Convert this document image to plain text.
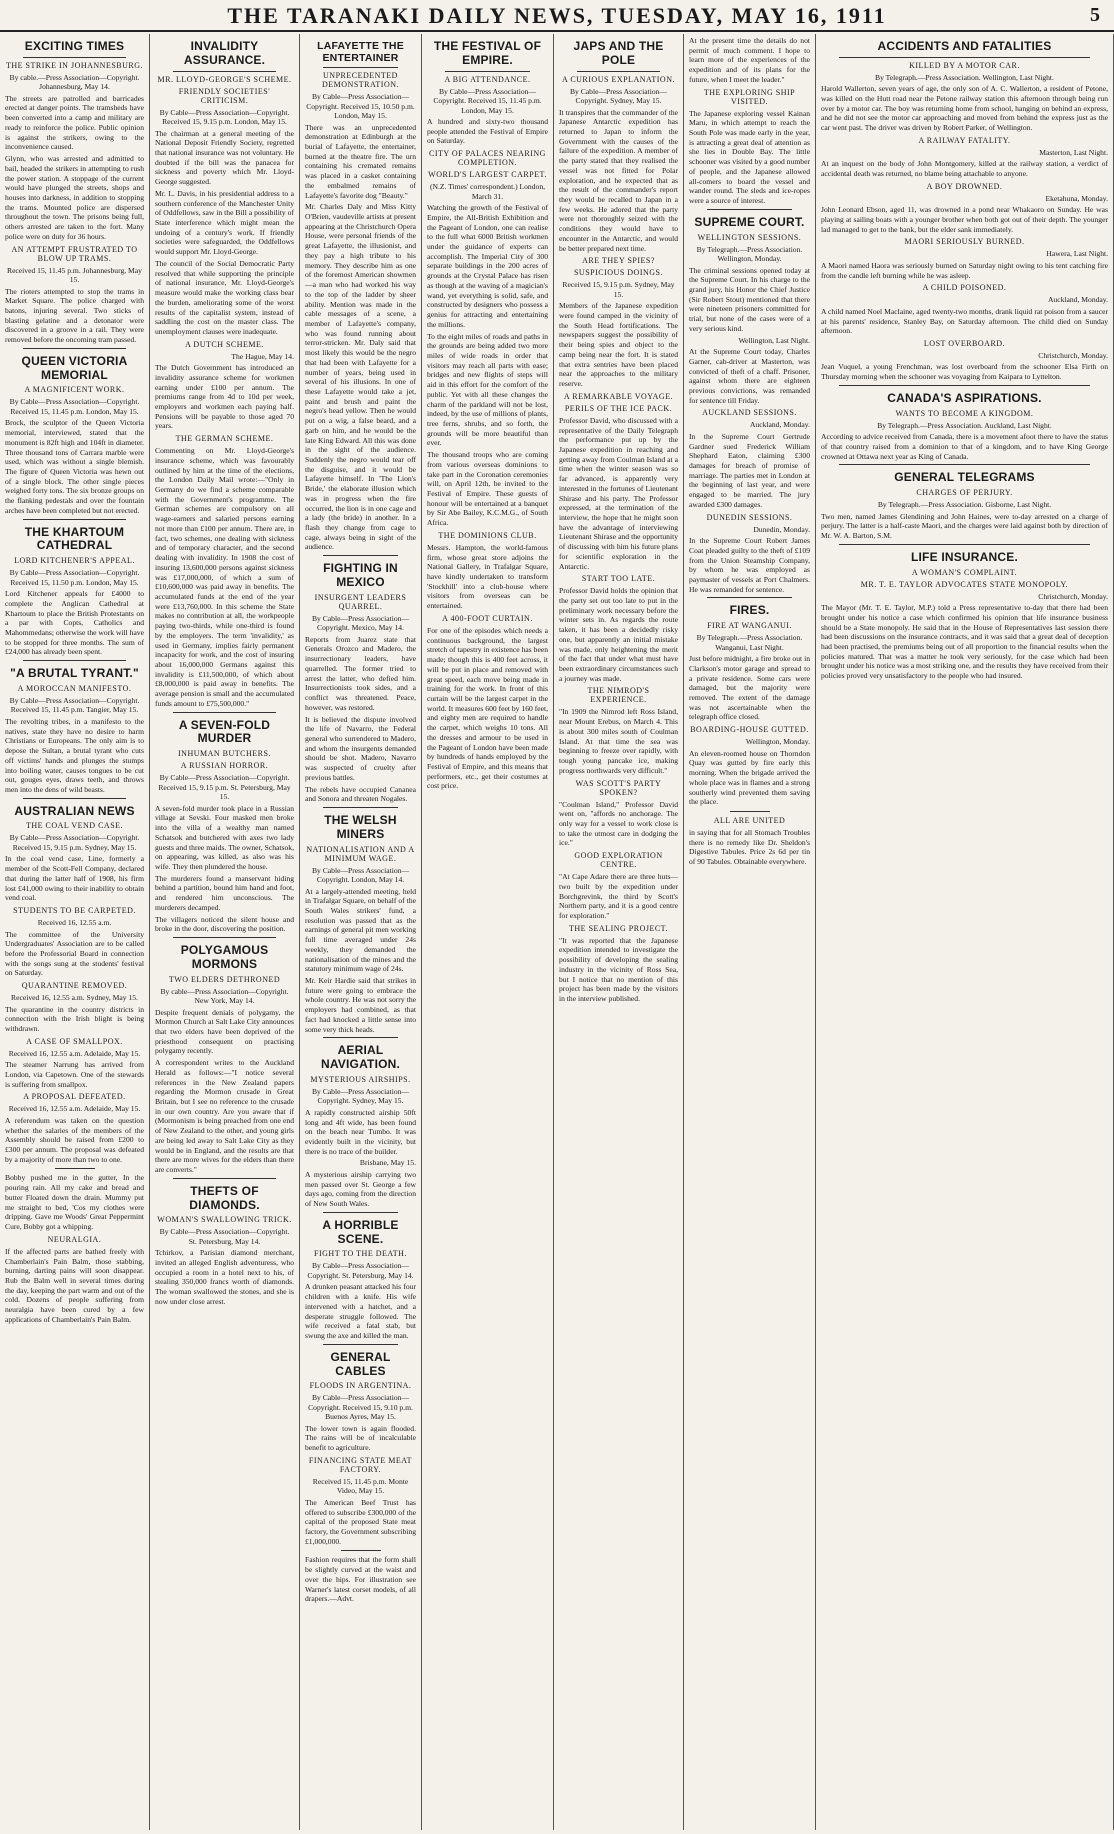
THE TARANAKI DAILY NEWS, TUESDAY, MAY 16, 1911	5
EXCITING TIMES
THE STRIKE IN JOHANNESBURG.
By cable.—Press Association—Copyright. Johannesburg, May 14.
The streets are patrolled and barricades erected at danger points. The tramsheds have been converted into a camp and military are ready to reinforce the police. Public opinion is against the strikers, owing to the inconvenience caused.
Glynn, who was arrested and admitted to bail, headed the strikers in attempting to rush the power station. A stoppage of the current would have plunged the streets, shops and houses into darkness, in addition to stopping the trams. Mounted police are dispersed throughout the town. The prisons being full, others arrested are taken to the fort. Many police were on duty for 36 hours.
AN ATTEMPT FRUSTRATED TO BLOW UP TRAMS.
Received 15, 11.45 p.m. Johannesburg, May 15.
The rioters attempted to stop the trams in Market Square. The police charged with batons, injuring several. Two sticks of blasting gelatine and a detonator were discovered in a groove in a rail. They were removed before the oncoming tram passed.
QUEEN VICTORIA MEMORIAL
A MAGNIFICENT WORK.
By Cable—Press Association—Copyright. Received 15, 11.45 p.m. London, May 15.
Brock, the sculptor of the Queen Victoria memorial, interviewed, stated that the monument is 82ft high and 104ft in diameter. Three thousand tons of Carrara marble were used, which was without a single blemish. The figure of Queen Victoria was hewn out of a single block. The other single pieces weighed forty tons. The six bronze groups on the flanking pedestals and over the fountain arches have been completed but not erected.
THE KHARTOUM CATHEDRAL
LORD KITCHENER'S APPEAL.
By Cable—Press Association—Copyright. Received 15, 11.50 p.m. London, May 15.
Lord Kitchener appeals for £4000 to complete the Anglican Cathedral at Khartoum to place the British Protestants on a par with Copts, Catholics and Mahommedans; otherwise the work will have to be stopped for three months. The sum of £24,000 has already been spent.
"A BRUTAL TYRANT."
A MOROCCAN MANIFESTO.
By Cable—Press Association—Copyright. Received 15, 11.45 p.m. Tangier, May 15.
The revolting tribes, in a manifesto to the natives, state they have no desire to harm Christians or Europeans. The only aim is to depose the Sultan, a brutal tyrant who cuts off victims' hands and plunges the stumps into boiling water, causes tongues to be cut out, gouges eyes, draws teeth, and throws men into the dens of wild beasts.
AUSTRALIAN NEWS
THE COAL VEND CASE.
By Cable—Press Association—Copyright. Received 15, 9.15 p.m. Sydney, May 15.
In the coal vend case, Line, formerly a member of the Scott-Fell Company, declared that during the latter half of 1908, his firm lost £41,000 owing to their inability to obtain vend coal.
STUDENTS TO BE CARPETED.
Received 16, 12.55 a.m.
The committee of the University Undergraduates' Association are to be called before the Professorial Board in connection with the songs sung at the students' festival on Saturday.
QUARANTINE REMOVED.
Received 16, 12.55 a.m. Sydney, May 15.
The quarantine in the country districts in connection with the Irish blight is being withdrawn.
A CASE OF SMALLPOX.
Received 16, 12.55 a.m. Adelaide, May 15.
The steamer Narrung has arrived from London, via Capetown. One of the stewards is suffering from smallpox.
A PROPOSAL DEFEATED.
Received 16, 12.55 a.m. Adelaide, May 15.
A referendum was taken on the question whether the salaries of the members of the Assembly should be raised from £200 to £300 per annum. The proposal was defeated by a majority of more than two to one.
Bobby pushed me in the gutter, In the pouring rain. All my cake and bread and butter Floated down the drain. Mummy put me straight to bed, 'Cos my clothes were dripping. Gave me Woods' Great Peppermint Cure, Bobby got a whipping.
NEURALGIA.
If the affected parts are bathed freely with Chamberlain's Pain Balm, those stabbing, burning, darting pains will soon disappear. Rub the Balm well in several times during the day, keeping the part warm and out of the cold. Dozens of people suffering from neuralgia have been cured by a few applications of Chamberlain's Pain Balm.
INVALIDITY ASSURANCE.
MR. LLOYD-GEORGE'S SCHEME.
FRIENDLY SOCIETIES' CRITICISM.
By Cable—Press Association—Copyright. Received 15, 9.15 p.m. London, May 15.
The chairman at a general meeting of the National Deposit Friendly Society, regretted that national insurance was not voluntary. He doubted if the bill was the panacea for sickness and poverty which Mr. Lloyd-George suggested.
Mr. L. Davis, in his presidential address to a southern conference of the Manchester Unity of Oddfellows, saw in the Bill a possibility of State interference which might mean the undoing of a century's work. If friendly societies were safeguarded, the Oddfellows would support Mr. Lloyd-George.
The council of the Social Democratic Party resolved that while supporting the principle of national insurance, Mr. Lloyd-George's measure would make the working class bear the burden, ameliorating some of the worst results of the capitalist system, instead of saddling the cost on the master class. The unemployment clauses were inadequate.
A DUTCH SCHEME.
The Hague, May 14.
The Dutch Government has introduced an invalidity assurance scheme for workmen earning under £100 per annum. The premiums range from 4d to 10d per week, employers and workmen each paying half. Pensions will be payable to those aged 70 years.
THE GERMAN SCHEME.
Commenting on Mr. Lloyd-George's insurance scheme, which was favourably outlined by him at the time of the elections, the London Daily Mail wrote:—"Only in Germany do we find a scheme comparable with the Government's programme. The German schemes are compulsory on all wage-earners and salaried persons earning not more than £100 per annum. There are, in fact, two schemes, one dealing with sickness and of temporary character, and the second dealing with invalidity. In 1908 the cost of insuring 13,600,000 persons against sickness was £17,000,000, of which a sum of £10,600,000 was paid away in benefits. The accumulated funds at the end of the year were £13,760,000. In this scheme the State makes no contribution at all, the workpeople paying two-thirds, while one-third is found by the employers. The term 'invalidity,' as used in Germany, implies fairly permanent incapacity for work, and the cost of insuring about 16,000,000 Germans against this invalidity is £11,500,000, of which about £8,000,000 is paid away in benefits. The average pension is small and the accumulated funds amount to £75,500,000."
A SEVEN-FOLD MURDER
INHUMAN BUTCHERS.
A RUSSIAN HORROR.
By Cable—Press Association—Copyright. Received 15, 9.15 p.m. St. Petersburg, May 15.
A seven-fold murder took place in a Russian village at Sevski. Four masked men broke into the villa of a wealthy man named Schatsok and butchered with axes two lady guests and three maids. The owner, Schatsok, on appearing, was killed, as also was his wife. They then plundered the house.
The murderers found a manservant hiding behind a partition, bound him hand and foot, and rendered him unconscious. The murderers decamped.
The villagers noticed the silent house and broke in the door, discovering the position.
POLYGAMOUS MORMONS
TWO ELDERS DETHRONED
By cable—Press Association—Copyright. New York, May 14.
Despite frequent denials of polygamy, the Mormon Church at Salt Lake City announces that two elders have been deprived of the priesthood consequent on practising polygamy recently.
A correspondent writes to the Auckland Herald as follows:—"I notice several references in the New Zealand papers regarding the Mormon crusade in Great Britain, but I see no reference to the crusade in our own country. Are you aware that if (Mormonism is being preached from one end of New Zealand to the other, and young girls are being led away to Salt Lake City as they would be in England, and the results are that there are more wives for the elders than there are converts."
THEFTS OF DIAMONDS.
WOMAN'S SWALLOWING TRICK.
By Cable—Press Association—Copyright. St. Petersburg, May 14.
Tchirkov, a Parisian diamond merchant, invited an alleged English adventuress, who occupied a room in a hotel next to his, of stealing 350,000 francs worth of diamonds. The woman swallowed the stones, and she is now under close arrest.
LAFAYETTE THE ENTERTAINER
UNPRECEDENTED DEMONSTRATION.
By Cable—Press Association—Copyright. Received 15, 10.50 p.m. London, May 15.
There was an unprecedented demonstration at Edinburgh at the burial of Lafayette, the entertainer, burned at the theatre fire. The urn containing his cremated remains was placed in a casket containing the embalmed remains of Lafayette's favorite dog "Beauty."
Mr. Charles Daly and Miss Kitty O'Brien, vaudeville artists at present appearing at the Christchurch Opera House, were personal friends of the great Lafayette, the illusionist, and they pay a high tribute to his memory. They describe him as one of the foremost American showmen—a man who had worked his way to the top of the ladder by sheer ability. Mention was made in the cable messages of a scene, a member of Lafayette's company, who was found running about terror-stricken. Mr. Daly said that most likely this would be the negro that had been with Lafayette for a number of years, being used in several of his illusions. In one of these Lafayette would take a jet, paint and brush and paint the negro's head yellow. Then he would put on a wig, a false beard, and a garb on him, and he would be the late King Edward. All this was done in the sight of the audience. Suddenly the negro would tear off the disguise, and it would be Lafayette himself. In 'The Lion's Bride,' the elaborate illusion which was in progress when the fire occurred, the lion is in one cage and a lady (the bride) in another. In a flash they change from cage to cage, always being in sight of the audience.
FIGHTING IN MEXICO
INSURGENT LEADERS QUARREL.
By Cable—Press Association—Copyright. Mexico, May 14.
Reports from Juarez state that Generals Orozco and Madero, the insurrectionary leaders, have quarrelled. The former tried to arrest the latter, who defied him. Insurrectionists took sides, and a conflict was threatened. Peace, however, was restored.
It is believed the dispute involved the life of Navarro, the Federal general who surrendered to Madero, and whom the insurgents demanded should be shot. Madero, Navarro was suspected of cruelty after previous battles.
The rebels have occupied Cananea and Sonora and threaten Nogales.
THE WELSH MINERS
NATIONALISATION AND A MINIMUM WAGE.
By Cable—Press Association—Copyright. London, May 14.
At a largely-attended meeting, held in Trafalgar Square, on behalf of the South Wales strikers' fund, a resolution was passed that as the earnings of general pit men working full time averaged under 24s weekly, they demanded the nationalisation of the mines and the statutory minimum wage of 24s.
Mr. Keir Hardie said that strikes in future were going to embrace the whole country. He was not sorry the employers had combined, as that fact had knocked a little sense into some very thick heads.
AERIAL NAVIGATION.
MYSTERIOUS AIRSHIPS.
By Cable—Press Association—Copyright. Sydney, May 15.
A rapidly constructed airship 50ft long and 4ft wide, has been found on the beach near Tumbo. It was evidently built in the vicinity, but there is no trace of the builder.
Brisbane, May 15.
A mysterious airship carrying two men passed over St. George a few days ago, coming from the direction of New South Wales.
A HORRIBLE SCENE.
FIGHT TO THE DEATH.
By Cable—Press Association—Copyright. St. Petersburg, May 14.
A drunken peasant attacked his four children with a knife. His wife intervened with a hatchet, and a desperate struggle followed. The wife received a fatal stab, but swung the axe and killed the man.
GENERAL CABLES
FLOODS IN ARGENTINA.
By Cable—Press Association—Copyright. Received 15, 9.10 p.m. Buenos Ayres, May 15.
The lower town is again flooded. The rains will be of incalculable benefit to agriculture.
FINANCING STATE MEAT FACTORY.
Received 15, 11.45 p.m. Monte Video, May 15.
The American Beef Trust has offered to subscribe £300,000 of the capital of the proposed State meat factory, the Government subscribing £1,000,000.
Fashion requires that the form shall be slightly curved at the waist and over the hips. For illustration see Warner's latest corset models, of all drapers.—Advt.
THE FESTIVAL OF EMPIRE.
A BIG ATTENDANCE.
By Cable—Press Association—Copyright. Received 15, 11.45 p.m. London, May 15.
A hundred and sixty-two thousand people attended the Festival of Empire on Saturday.
CITY OF PALACES NEARING COMPLETION.
WORLD'S LARGEST CARPET.
(N.Z. Times' correspondent.) London, March 31.
Watching the growth of the Festival of Empire, the All-British Exhibition and the Pageant of London, one can realise to the full what 6000 British workmen under the guidance of experts can accomplish. The Imperial City of 300 separate buildings in the 200 acres of grounds at the Crystal Palace has risen as though at the waving of a magician's wand, yet everything is solid, safe, and constructed by designers who possess a genius for attracting and entertaining the millions.
To the eight miles of roads and paths in the grounds are being added two more miles of wide roads in order that visitors may reach all parts with ease; bridges and new flights of steps will aid in this effort for the comfort of the public. Yet with all these changes the charm of the parkland will not be lost, indeed, by the use of millions of plants, tree ferns, shrubs, and so forth, the grounds will be more beautiful than ever.
The thousand troops who are coming from various overseas dominions to take part in the Coronation ceremonies will, on April 12th, be invited to the Festival of Empire. These guests of honour will be entertained at a banquet by Sir Abe Bailey, K.C.M.G., of South Africa.
THE DOMINIONS CLUB.
Messrs. Hampton, the world-famous firm, whose great store adjoins the National Gallery, in Trafalgar Square, have kindly undertaken to transform 'Stockhill' into a club-house where visitors from overseas can be entertained.
A 400-FOOT CURTAIN.
For one of the episodes which needs a continuous background, the largest stretch of tapestry in existence has been made; though this is 400 feet across, it will be put in place and removed with great speed, each move being made in training for the work. In front of this curtain will be the largest carpet in the world. It measures 600 feet by 160 feet, and eighty men are required to handle the carpet, which weighs 10 tons. All the dresses and armour to be used in the Pageant of London have been made by hundreds of hands employed by the Festival of Empire, and this means that performers, etc., get their costumes at cost price.
JAPS AND THE POLE
A CURIOUS EXPLANATION.
By Cable—Press Association—Copyright. Sydney, May 15.
It transpires that the commander of the Japanese Antarctic expedition has returned to Japan to inform the Government with the causes of the failure of the expedition. A member of the party stated that they realised the vessel was not fitted for Polar exploration, and he expected that as the result of the commander's report they would be recalled to Japan in a few weeks. He adored that the party were not thoroughly seized with the conditions they would have to encounter in the Antarctic, and would be better prepared next time.
ARE THEY SPIES?
SUSPICIOUS DOINGS.
Received 15, 9.15 p.m. Sydney, May 15.
Members of the Japanese expedition were found camped in the vicinity of the South Head fortifications. The newspapers suggest the possibility of their being spies and object to the camp being near the fort. It is stated that extra sentries have been placed near the approaches to the military reserve.
A REMARKABLE VOYAGE.
PERILS OF THE ICE PACK.
Professor David, who discussed with a representative of the Daily Telegraph the performance put up by the Japanese expedition in reaching and getting away from Coulman Island at a time when the winter season was so far advanced, is apparently very interested in the fortunes of Lieutenant Shirase and his party. The Professor expressed, at the termination of the interview, the hope that he might soon have the advantage of interviewing Lieutenant Shirase and the opportunity of discussing with him his future plans for scientific exploration in the Antarctic.
START TOO LATE.
Professor David holds the opinion that the party set out too late to put in the preliminary work necessary before the winter sets in. As regards the route taken, it has been a decidedly risky one, but apparently an initial mistake was made, only heightening the merit of the fact that under what must have been extraordinary circumstances such a journey was made.
THE NIMROD'S EXPERIENCE.
"In 1909 the Nimrod left Ross Island, near Mount Erebus, on March 4. This is about 300 miles south of Coulman Island. At that time the sea was beginning to freeze over rapidly, with tough young pancake ice, making progress northwards very difficult."
WAS SCOTT'S PARTY SPOKEN?
"Coulman Island," Professor David went on, "affords no anchorage. The only way for a vessel to work close is to take the utmost care in dodging the ice."
GOOD EXPLORATION CENTRE.
"At Cape Adare there are three huts—two built by the expedition under Borchgrevink, the third by Scott's Northern party, and it is a good centre for exploration."
THE SEALING PROJECT.
"It was reported that the Japanese expedition intended to investigate the possibility of developing the sealing industry in the vicinity of Ross Sea, but I notice that no mention of this project has been made by the visitors in the interview published.
At the present time the details do not permit of much comment. I hope to learn more of the experiences of the expedition and of its plans for the future, when I meet the leader."
THE EXPLORING SHIP VISITED.
The Japanese exploring vessel Kainan Maru, in which attempt to reach the South Pole was made early in the year, is attracting a great deal of attention as she lies in Double Bay. The little schooner was visited by a good number of people, and the Japanese allowed all-comers to board the vessel and wander round. The sleds and ice-ropes were a source of interest.
SUPREME COURT.
WELLINGTON SESSIONS.
By Telegraph.—Press Association. Wellington, Monday.
The criminal sessions opened today at the Supreme Court. In his charge to the grand jury, his Honor the Chief Justice (Sir Robert Stout) mentioned that there were nineteen prisoners committed for trial, but none of the cases were of a very serious kind.
Wellington, Last Night.
At the Supreme Court today, Charles Garner, cab-driver at Masterton, was convicted of theft of a chaff. Prisoner, against whom there are eighteen previous convictions, was remanded for sentence till Friday.
AUCKLAND SESSIONS.
Auckland, Monday.
In the Supreme Court Gertrude Gardner sued Frederick William Shephard Eaton, claiming £300 damages for breach of promise of marriage. The parties met in London at the beginning of last year, and were engaged to be married. The jury awarded £300 damages.
DUNEDIN SESSIONS.
Dunedin, Monday.
In the Supreme Court Robert James Coat pleaded guilty to the theft of £109 from the Union Steamship Company, by whom he was employed as paymaster of vessels at Port Chalmers. He was remanded for sentence.
FIRES.
FIRE AT WANGANUI.
By Telegraph.—Press Association. Wanganui, Last Night.
Just before midnight, a fire broke out in Clarkson's motor garage and spread to a private residence. Some cars were damaged, but the majority were removed. The extent of the damage was not ascertainable when the telegraph office closed.
BOARDING-HOUSE GUTTED.
Wellington, Monday.
An eleven-roomed house on Thorndon Quay was gutted by fire early this morning. When the brigade arrived the whole place was in flames and a strong southerly wind prevented them saving the place.
ALL ARE UNITED
in saying that for all Stomach Troubles there is no remedy like Dr. Sheldon's Digestive Tabules. Price 2s 6d per tin of 90 Tabules. Obtainable everywhere.
ACCIDENTS AND FATALITIES
KILLED BY A MOTOR CAR.
By Telegraph.—Press Association. Wellington, Last Night.
Harold Wallerton, seven years of age, the only son of A. C. Wallerton, a resident of Petone, was killed on the Hutt road near the Petone railway station this afternoon through being run over by a motor car. The boy was returning home from school, hanging on behind an express, and he did not see the motor car approaching and moved from behind the express just as the car went past. The driver was driven by Robert Parker, of Wellington.
A RAILWAY FATALITY.
Masterton, Last Night.
At an inquest on the body of John Montgomery, killed at the railway station, a verdict of accidental death was returned, no blame being attachable to anyone.
A BOY DROWNED.
Eketahuna, Monday.
John Leonard Ebson, aged 11, was drowned in a pond near Whakaoro on Sunday. He was playing at sailing boats with a younger brother when both got out of their depth. The younger lad managed to get to the bank, but the elder sank immediately.
MAORI SERIOUSLY BURNED.
Hawera, Last Night.
A Maori named Haora was seriously burned on Saturday night owing to his tent catching fire from the candle left burning while he was asleep.
A CHILD POISONED.
Auckland, Monday.
A child named Noel Maclaine, aged twenty-two months, drank liquid rat poison from a saucer at his parents' residence, Stanley Bay, on Saturday afternoon. The child died on Sunday afternoon.
LOST OVERBOARD.
Christchurch, Monday.
Jean Vuquel, a young Frenchman, was lost overboard from the schooner Elsa Firth on Thursday morning when the schooner was voyaging from Kaipara to Lyttelton.
CANADA'S ASPIRATIONS.
WANTS TO BECOME A KINGDOM.
By Telegraph.—Press Association. Auckland, Last Night.
According to advice received from Canada, there is a movement afoot there to have the status of that country raised from a dominion to that of a kingdom, and to have King George crowned at Ottawa next year as King of Canada.
GENERAL TELEGRAMS
CHARGES OF PERJURY.
By Telegraph.—Press Association. Gisborne, Last Night.
Two men, named James Glendining and John Haines, were to-day arrested on a charge of perjury. The latter is a half-caste Maori, and the charges were laid against both by direction of Mr. W. A. Barton, S.M.
LIFE INSURANCE.
A WOMAN'S COMPLAINT.
MR. T. E. TAYLOR ADVOCATES STATE MONOPOLY.
Christchurch, Monday.
The Mayor (Mr. T. E. Taylor, M.P.) told a Press representative to-day that there had been brought under his notice a case which confirmed his opinion that life insurance business should be a State monopoly. He said that in the House of Representatives last session there had been discussions on the insurance contracts, and it was said that a great deal of deception had been practised, the premiums being out of all proportion to the financial results when the policies matured. That was a matter he took very seriously, for the case which had been brought under his notice was a most striking one, and the results they have received from their policies proved very unsatisfactory to the people who had insured.
